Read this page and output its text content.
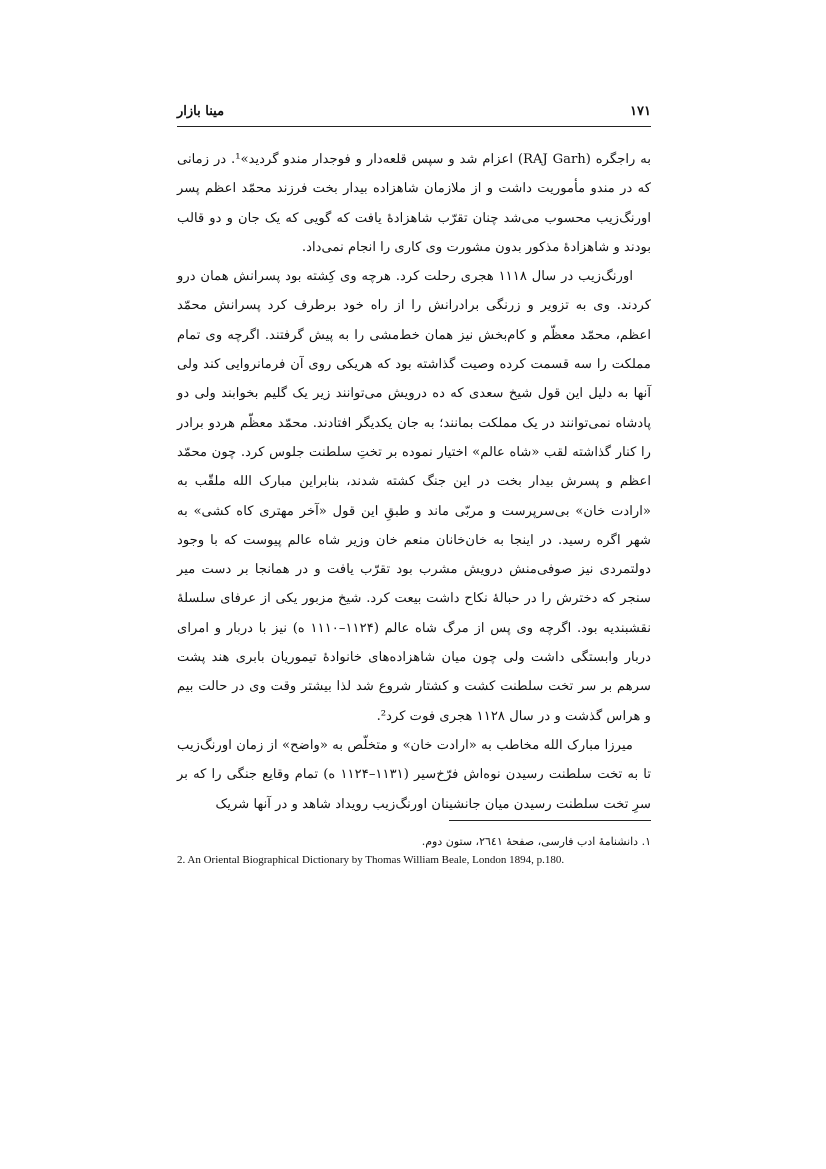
۱۷۱
مینا بازار

به راجگره (RAJ Garh) اعزام شد و سپس قلعه‌دار و فوجدار مندو گردید»¹. در زمانی که در مندو مأموریت داشت و از ملازمان شاهزاده بیدار بخت فرزند محمّد اعظم پسر اورنگ‌زیب محسوب می‌شد چنان تقرّب شاهزادهٔ یافت که گویی که یک جان و دو قالب بودند و شاهزادهٔ مذکور بدون مشورت وی کاری را انجام نمی‌داد.

اورنگ‌زیب در سال ۱۱۱۸ هجری رحلت کرد. هرچه وی کِشته بود پسرانش همان درو کردند. وی به تزویر و زرنگی برادرانش را از راه خود برطرف کرد پسرانش محمّد اعظم، محمّد معظّم و کام‌بخش نیز همان خط‌مشی را به پیش گرفتند. اگرچه وی تمام مملکت را سه قسمت کرده وصیت گذاشته بود که هریکی روی آن فرمانروایی کند ولی آنها به دلیل این قول شیخ سعدی که ده درویش می‌توانند زیر یک گلیم بخوابند ولی دو پادشاه نمی‌توانند در یک مملکت بمانند؛ به جان یکدیگر افتادند. محمّد معظّم هردو برادر را کنار گذاشته لقب «شاه عالم» اختیار نموده بر تختِ سلطنت جلوس کرد. چون محمّد اعظم و پسرش بیدار بخت در این جنگ کشته شدند، بنابراین مبارک الله ملقّب به «ارادت خان» بی‌سرپرست و مربّی ماند و طبقِ این قول «آخر مهتری کاه کشی» به شهر اگره رسید. در اینجا به خان‌خانان منعم خان وزیر شاه عالم پیوست که با وجود دولتمردی نیز صوفی‌منش درویش مشرب بود تقرّب یافت و در همانجا بر دست میر سنجر که دخترش را در حبالهٔ نکاح داشت بیعت کرد. شیخ مزبور یکی از عرفای سلسلهٔ نقشبندیه بود. اگرچه وی پس از مرگ شاه عالم (۱۱۲۴–۱۱۱۰ ه) نیز با دربار و امرای دربار وابستگی داشت ولی چون میان شاهزاده‌های خانوادهٔ تیموریان بابری هند پشت سرهم بر سر تخت سلطنت کشت و کشتار شروع شد لذا بیشتر وقت وی در حالت بیم و هراس گذشت و در سال ۱۱۲۸ هجری فوت کرد².

میرزا مبارک الله مخاطب به «ارادت خان» و متخلّص به «واضح» از زمان اورنگ‌زیب تا به تخت سلطنت رسیدن نوه‌اش فرّخ‌سیر (۱۱۳۱–۱۱۲۴ ه) تمام وقایع جنگی را که بر سرِ تخت سلطنت رسیدن میان جانشینان اورنگ‌زیب رویداد شاهد و در آنها شریک

۱. دانشنامهٔ ادب فارسی، صفحهٔ ۲٦٤۱، ستون دوم.
2. An Oriental Biographical Dictionary by Thomas William Beale, London 1894, p.180.
